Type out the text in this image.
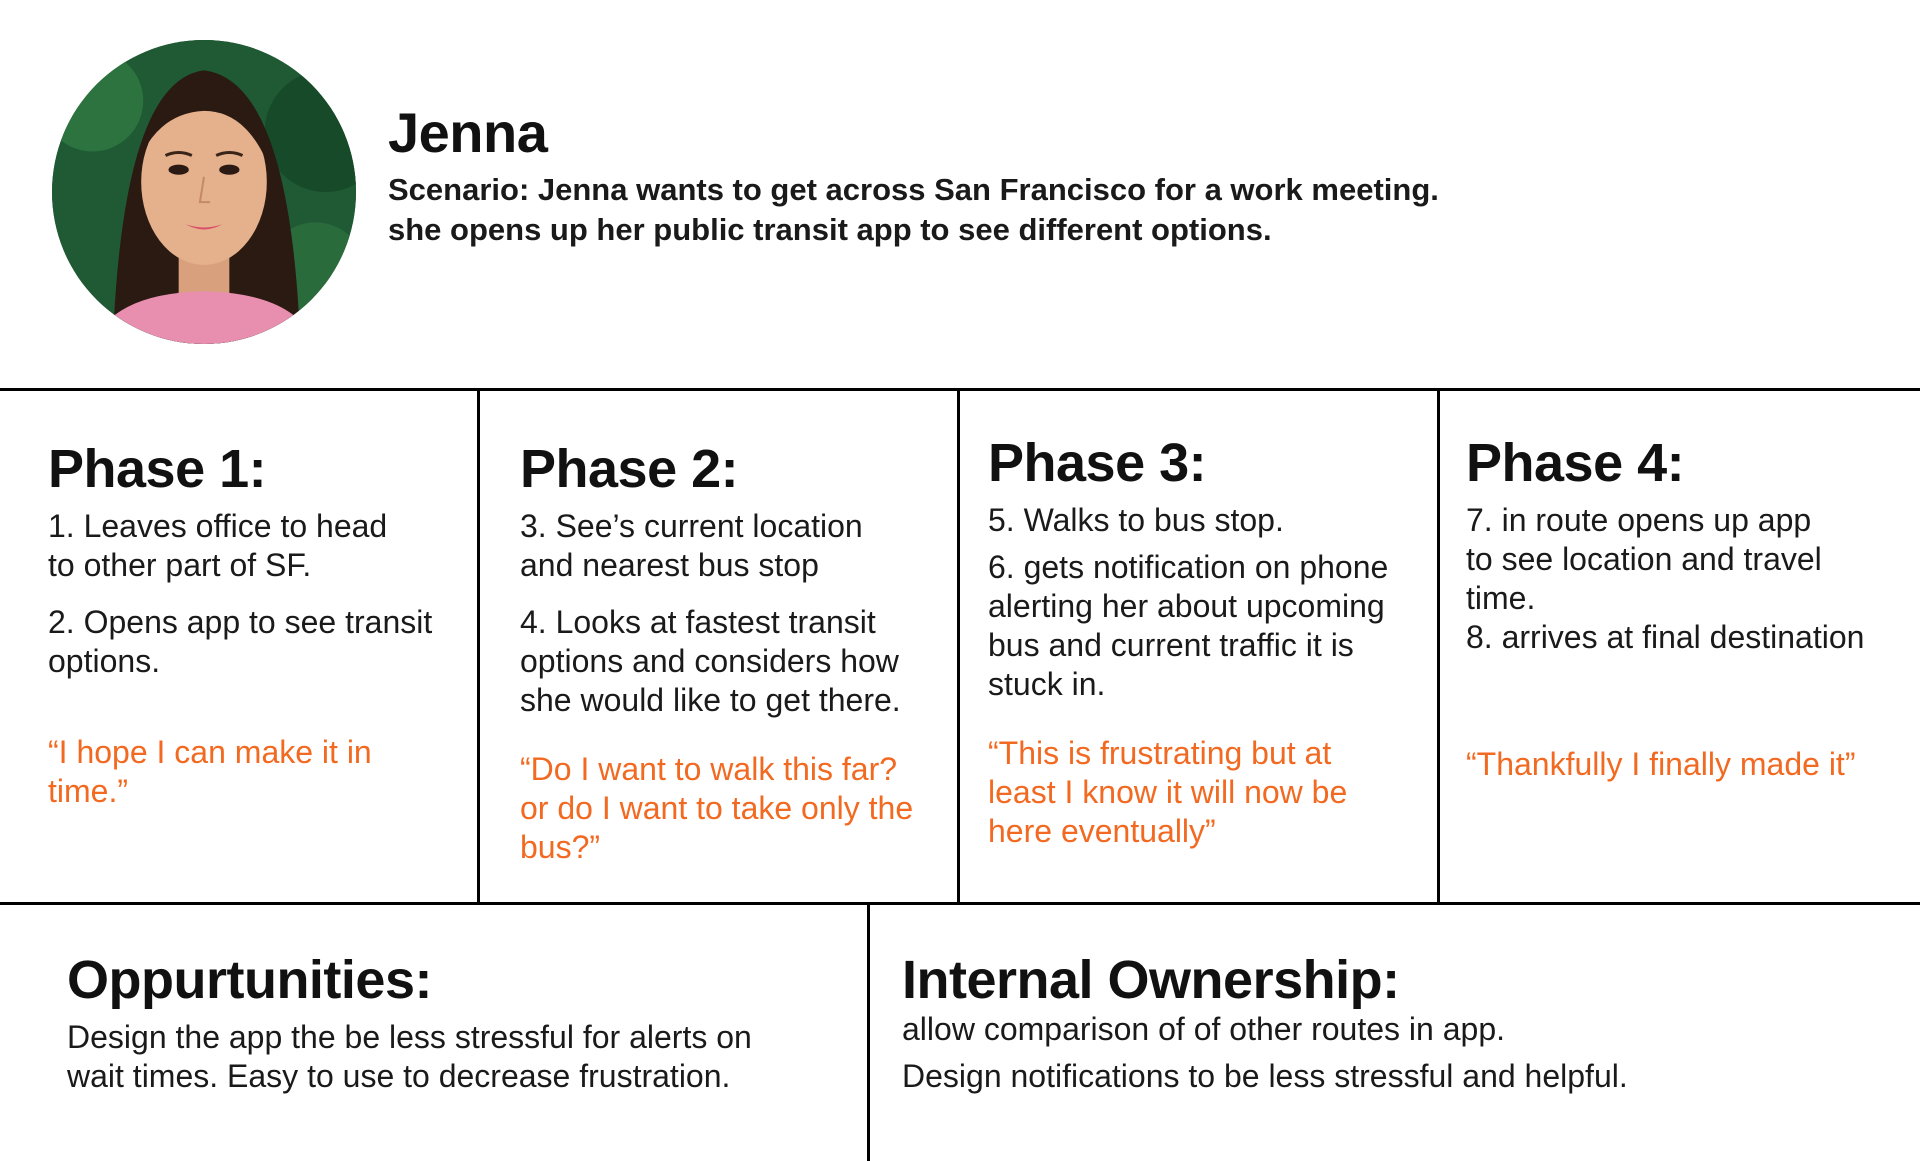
Jenna
Scenario: Jenna wants to get across San Francisco for a work meeting.
she opens up her public transit app to see different options.
Phase 1:
1. Leaves office to head
to other part of SF.
2. Opens app to see transit
options.
“I hope I can make it in
time.”
Phase 2:
3. See’s current location
and nearest bus stop
4. Looks at fastest transit
options and considers how
she would like to get there.
“Do I want to walk this far?
or do I want to take only the
bus?”
Phase 3:
5. Walks to bus stop.
6. gets notification on phone
alerting her about upcoming
bus and current traffic it is
stuck in.
“This is frustrating but at
least I know it will now be
here eventually”
Phase 4:
7. in route opens up app
to see location and travel
time.
8. arrives at final destination
“Thankfully I finally made it”
Oppurtunities:
Design the app the be less stressful for alerts on
wait times. Easy to use to decrease frustration.
Internal Ownership:
allow comparison of of other routes in app.
Design notifications to be less stressful and helpful.
